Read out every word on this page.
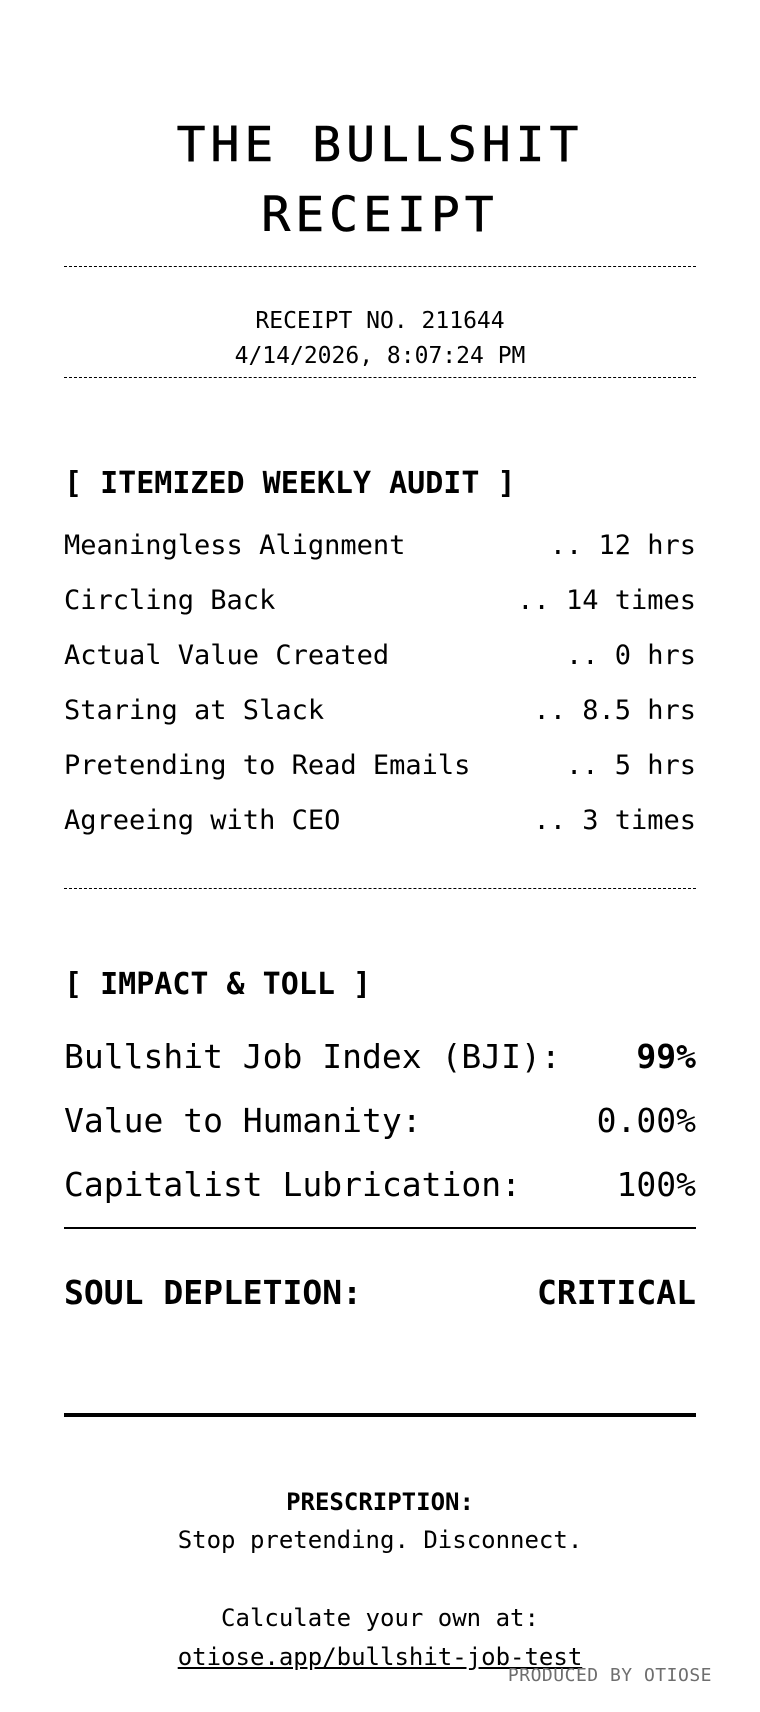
THE BULLSHIT
RECEIPT
RECEIPT NO. 211644
4/14/2026, 8:07:24 PM
[ ITEMIZED WEEKLY AUDIT ]
Meaningless Alignment	.. 12 hrs
Circling Back	.. 14 times
Actual Value Created	.. 0 hrs
Staring at Slack	.. 8.5 hrs
Pretending to Read Emails	.. 5 hrs
Agreeing with CEO	.. 3 times
[ IMPACT & TOLL ]
Bullshit Job Index (BJI): 99%
Value to Humanity:	0.00%
Capitalist Lubrication:	100%
SOUL DEPLETION:	CRITICAL
PRESCRIPTION:
Stop pretending. Disconnect.
Calculate your own at:
otiose.app/bullshit-job-test
PRODUCED BY OTIOSE
